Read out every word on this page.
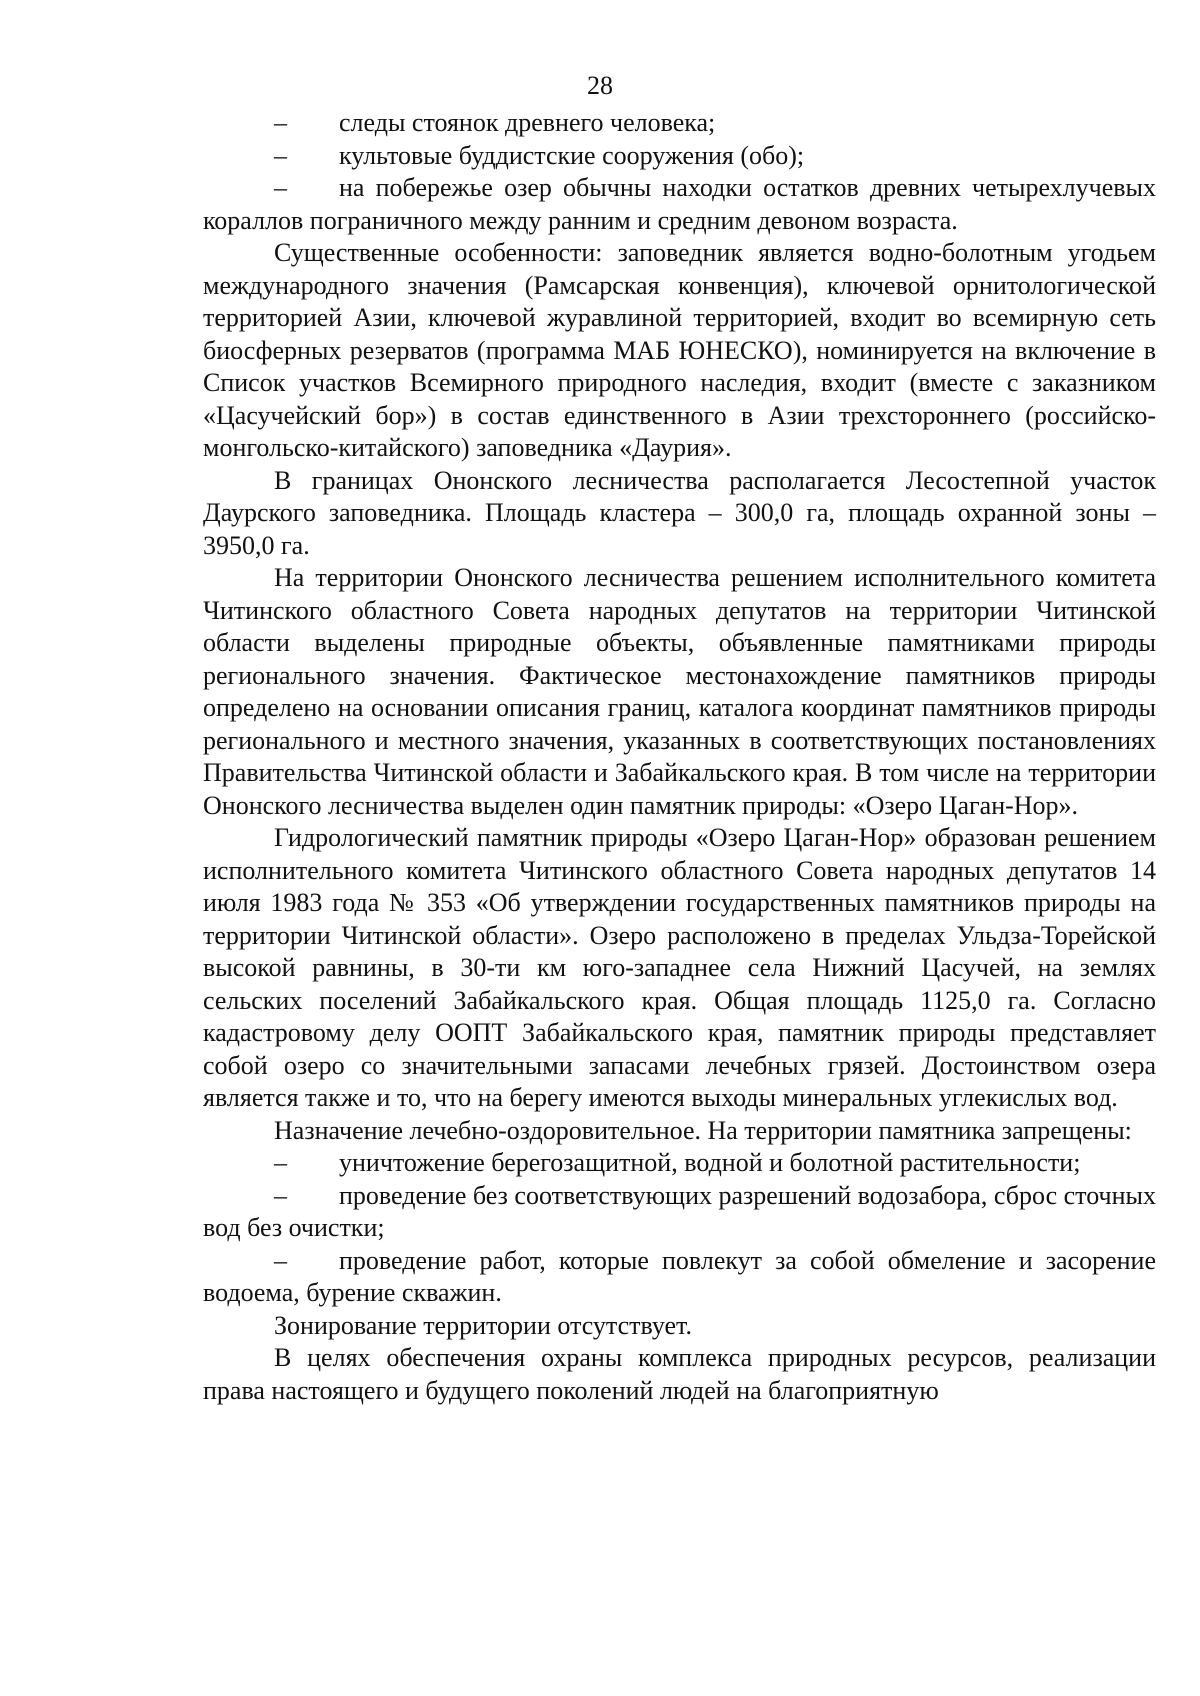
28

– следы стоянок древнего человека;

– культовые буддистские сооружения (обо);

– на побережье озер обычны находки остатков древних четырехлучевых кораллов пограничного между ранним и средним девоном возраста.

Существенные особенности: заповедник является водно-болотным угодьем международного значения (Рамсарская конвенция), ключевой орнитологической территорией Азии, ключевой журавлиной территорией, входит во всемирную сеть биосферных резерватов (программа МАБ ЮНЕСКО), номинируется на включение в Список участков Всемирного природного наследия, входит (вместе с заказником «Цасучейский бор») в состав единственного в Азии трехстороннего (российско-монгольско-китайского) заповедника «Даурия».

В границах Ононского лесничества располагается Лесостепной участок Даурского заповедника. Площадь кластера – 300,0 га, площадь охранной зоны – 3950,0 га.

На территории Ононского лесничества решением исполнительного комитета Читинского областного Совета народных депутатов на территории Читинской области выделены природные объекты, объявленные памятниками природы регионального значения. Фактическое местонахождение памятников природы определено на основании описания границ, каталога координат памятников природы регионального и местного значения, указанных в соответствующих постановлениях Правительства Читинской области и Забайкальского края. В том числе на территории Ононского лесничества выделен один памятник природы: «Озеро Цаган-Нор».

Гидрологический памятник природы «Озеро Цаган-Нор» образован решением исполнительного комитета Читинского областного Совета народных депутатов 14 июля 1983 года № 353 «Об утверждении государственных памятников природы на территории Читинской области». Озеро расположено в пределах Ульдза-Торейской высокой равнины, в 30-ти км юго-западнее села Нижний Цасучей, на землях сельских поселений Забайкальского края. Общая площадь 1125,0 га. Согласно кадастровому делу ООПТ Забайкальского края, памятник природы представляет собой озеро со значительными запасами лечебных грязей. Достоинством озера является также и то, что на берегу имеются выходы минеральных углекислых вод.

Назначение лечебно-оздоровительное. На территории памятника запрещены:

– уничтожение берегозащитной, водной и болотной растительности;

– проведение без соответствующих разрешений водозабора, сброс сточных вод без очистки;

– проведение работ, которые повлекут за собой обмеление и засорение водоема, бурение скважин.

Зонирование территории отсутствует.

В целях обеспечения охраны комплекса природных ресурсов, реализации права настоящего и будущего поколений людей на благоприятную
